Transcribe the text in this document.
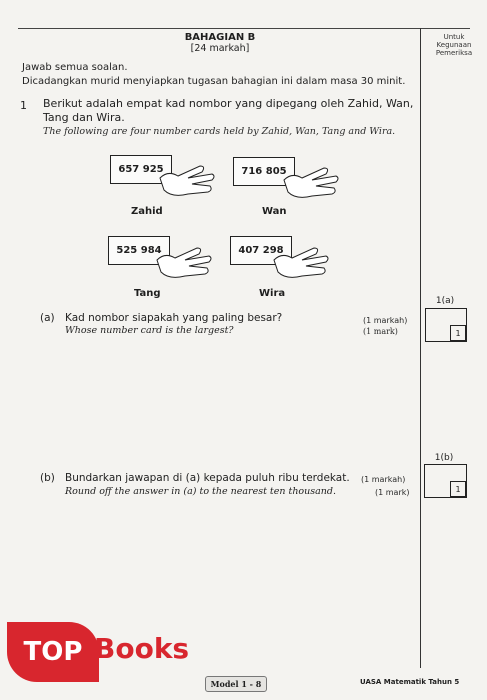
BAHAGIAN B
[24 markah]
Untuk
Kegunaan
Pemeriksa
Jawab semua soalan.
Dicadangkan murid menyiapkan tugasan bahagian ini dalam masa 30 minit.
1 Berikut adalah empat kad nombor yang dipegang oleh Zahid, Wan, Tang dan Wira.
The following are four number cards held by Zahid, Wan, Tang and Wira.
657 925
Zahid
716 805
Wan
525 984
Tang
407 298
Wira
(a) Kad nombor siapakah yang paling besar?	(1 markah)
Whose number card is the largest?	(1 mark)
1(a)
1
(b) Bundarkan jawapan di (a) kepada puluh ribu terdekat. (1 markah)
Round off the answer in (a) to the nearest ten thousand.	(1 mark)
1(b)
1
Model 1 - 8	UASA Matematik Tahun 5
TOP Books
